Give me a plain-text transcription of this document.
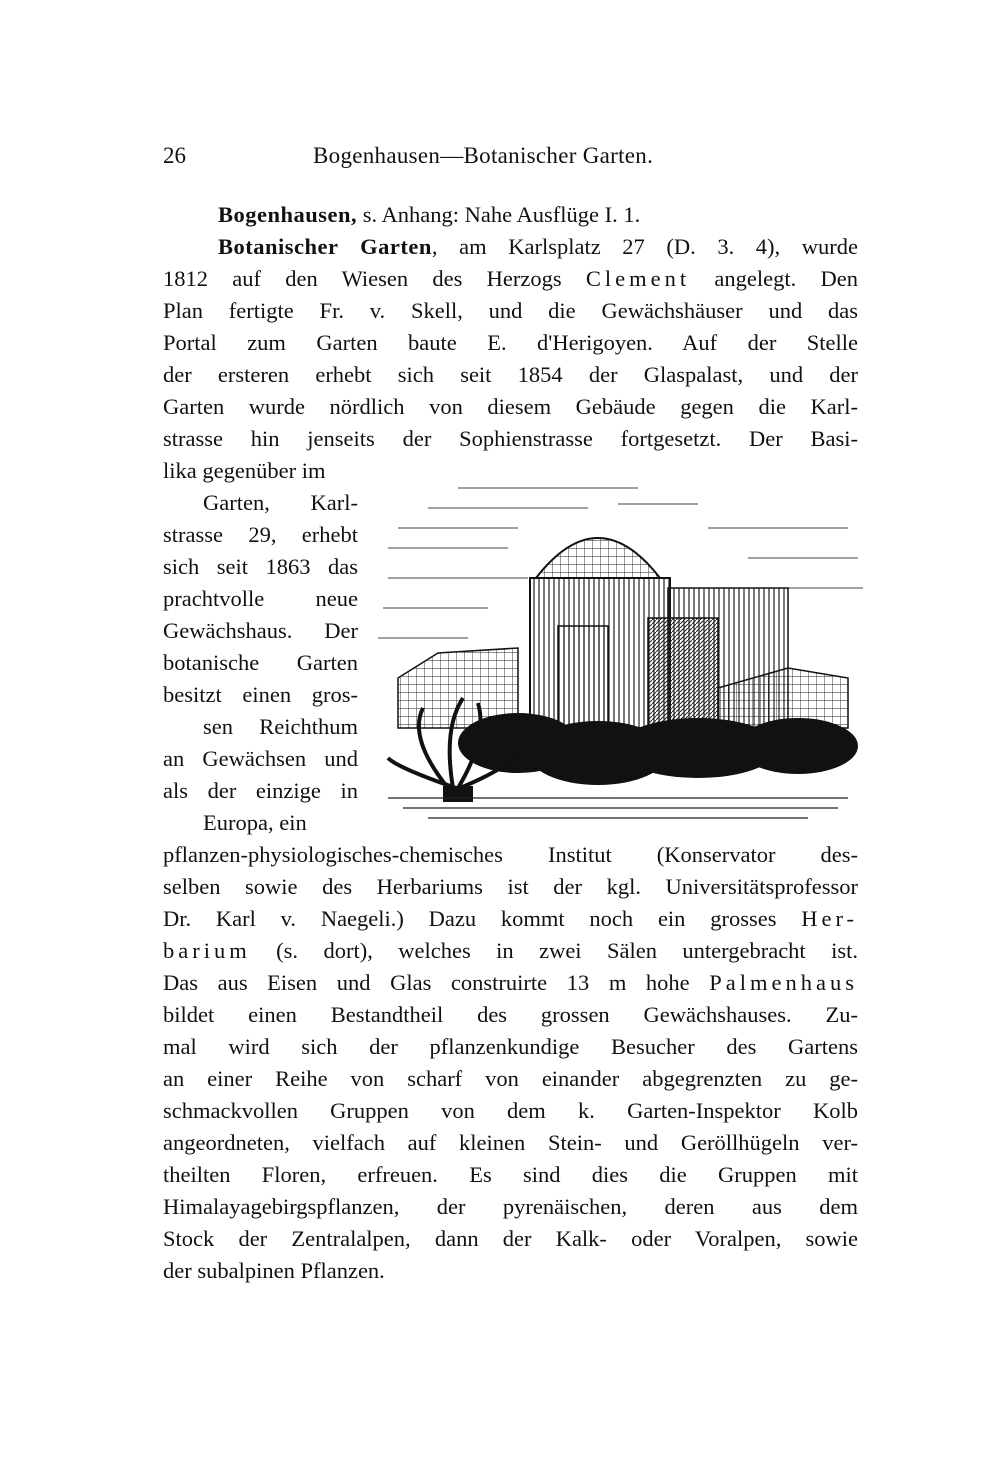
26	Bogenhausen—Botanischer Garten.
Bogenhausen, s. Anhang: Nahe Ausflüge I. 1.
Botanischer Garten, am Karlsplatz 27 (D. 3. 4), wurde
1812 auf den Wiesen des Herzogs Clement angelegt. Den
Plan fertigte Fr. v. Skell, und die Gewächshäuser und das
Portal zum Garten baute E. d'Herigoyen. Auf der Stelle
der ersteren erhebt sich seit 1854 der Glaspalast, und der
Garten wurde nördlich von diesem Gebäude gegen die Karl-
strasse hin jenseits der Sophienstrasse fortgesetzt. Der Basi-
lika gegenüber im
Garten, Karl-
strasse 29, erhebt
sich seit 1863 das
prachtvolle neue
Gewächshaus. Der
botanische Garten
besitzt einen gros-
sen Reichthum
an Gewächsen und
als der einzige in
Europa, ein
pflanzen-physiologisches-chemisches Institut (Konservator des-
selben sowie des Herbariums ist der kgl. Universitätsprofessor
Dr. Karl v. Naegeli.) Dazu kommt noch ein grosses Her-
barium (s. dort), welches in zwei Sälen untergebracht ist.
Das aus Eisen und Glas construirte 13 m hohe Palmenhaus
bildet einen Bestandtheil des grossen Gewächshauses. Zu-
mal wird sich der pflanzenkundige Besucher des Gartens
an einer Reihe von scharf von einander abgegrenzten zu ge-
schmackvollen Gruppen von dem k. Garten-Inspektor Kolb
angeordneten, vielfach auf kleinen Stein- und Geröllhügeln ver-
theilten Floren, erfreuen. Es sind dies die Gruppen mit
Himalayagebirgspflanzen, der pyrenäischen, deren aus dem
Stock der Zentralalpen, dann der Kalk- oder Voralpen, sowie
der subalpinen Pflanzen.
